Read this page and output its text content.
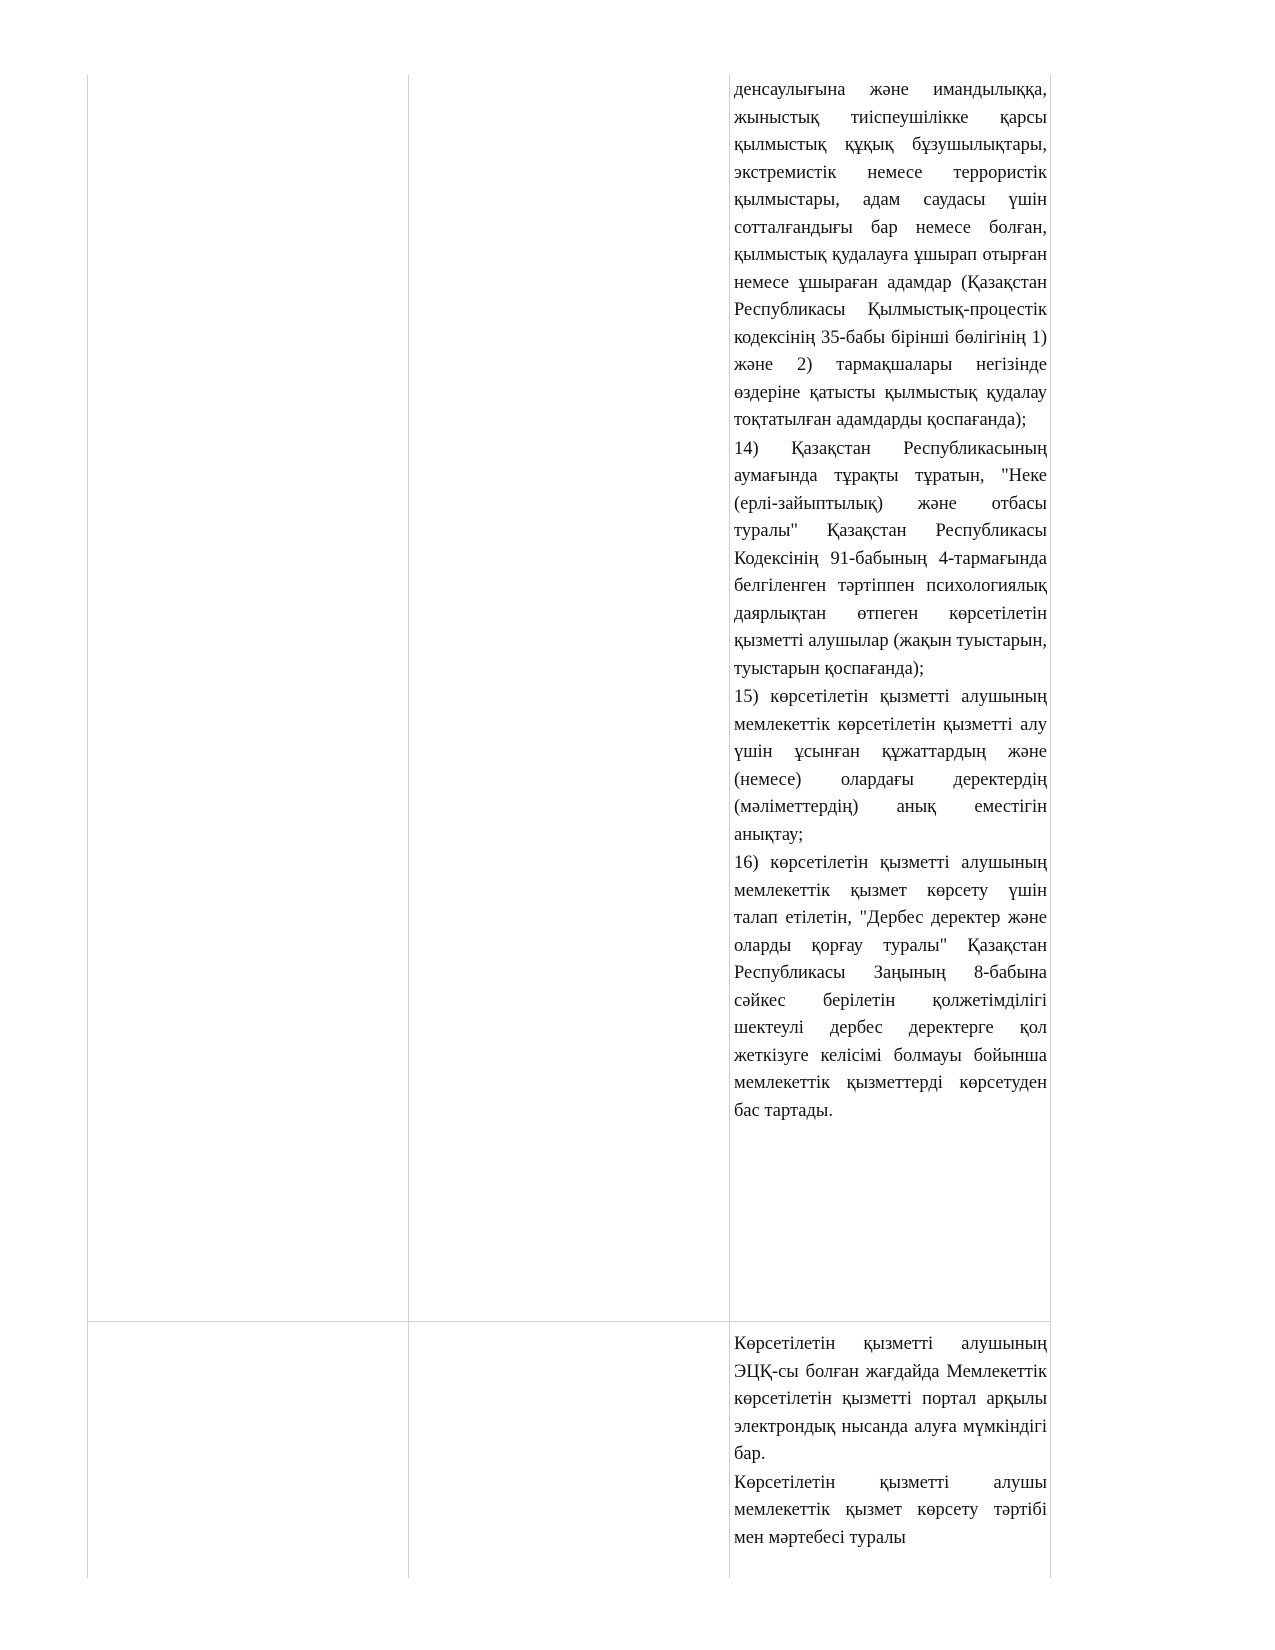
		денсаулығына және имандылыққа, жыныстық тиіспеушілікке қарсы қылмыстық құқық бұзушылықтары, экстремистік немесе террористік қылмыстары, адам саудасы үшін сотталғандығы бар немесе болған, қылмыстық қудалауға ұшырап отырған немесе ұшыраған адамдар (Қазақстан Республикасы Қылмыстық-процестік кодексінің 35-бабы бірінші бөлігінің 1) және 2) тармақшалары негізінде өздеріне қатысты қылмыстық қудалау тоқтатылған адамдарды қоспағанда);

14) Қазақстан Республикасының аумағында тұрақты тұратын, "Неке (ерлі-зайыптылық) және отбасы туралы" Қазақстан Республикасы Кодексінің 91-бабының 4-тармағында белгіленген тәртіппен психологиялық даярлықтан өтпеген көрсетілетін қызметті алушылар (жақын туыстарын, туыстарын қоспағанда);

15) көрсетілетін қызметті алушының мемлекеттік көрсетілетін қызметті алу үшін ұсынған құжаттардың және (немесе) олардағы деректердің (мәліметтердің) анық еместігін анықтау;

16) көрсетілетін қызметті алушының мемлекеттік қызмет көрсету үшін талап етілетін, "Дербес деректер және оларды қорғау туралы" Қазақстан Республикасы Заңының 8-бабына сәйкес берілетін қолжетімділігі шектеулі дербес деректерге қол жеткізуге келісімі болмауы бойынша мемлекеттік қызметтерді көрсетуден бас тартады.

		Көрсетілетін қызметті алушының ЭЦҚ-сы болған жағдайда Мемлекеттік көрсетілетін қызметті портал арқылы электрондық нысанда алуға мүмкіндігі бар.

Көрсетілетін қызметті алушы мемлекеттік қызмет көрсету тәртібі мен мәртебесі туралы
